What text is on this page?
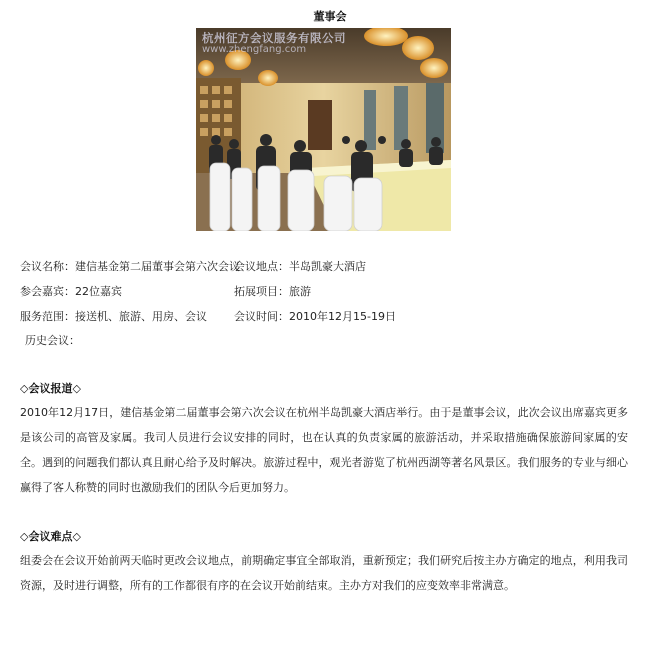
董事会
杭州征方会议服务有限公司
www.zhengfang.com
会议名称：建信基金第二届董事会第六次会议
会议地点：半岛凯豪大酒店
参会嘉宾：22位嘉宾	拓展项目：旅游
服务范围：接送机、旅游、用房、会议 会议时间：2010年12月15-19日
历史会议：
◇会议报道◇
2010年12月17日，建信基金第二届董事会第六次会议在杭州半岛凯豪大酒店举行。由于是董事会议，此次会议出席嘉宾更多是该公司的高管及家属。我司人员进行会议安排的同时，也在认真的负责家属的旅游活动，并采取措施确保旅游间家属的安全。遇到的问题我们都认真且耐心给予及时解决。旅游过程中，观光者游览了杭州西湖等著名风景区。我们服务的专业与细心赢得了客人称赞的同时也激励我们的团队今后更加努力。
◇会议难点◇
组委会在会议开始前两天临时更改会议地点，前期确定事宜全部取消，重新预定；我们研究后按主办方确定的地点，利用我司资源，及时进行调整，所有的工作都很有序的在会议开始前结束。主办方对我们的应变效率非常满意。
